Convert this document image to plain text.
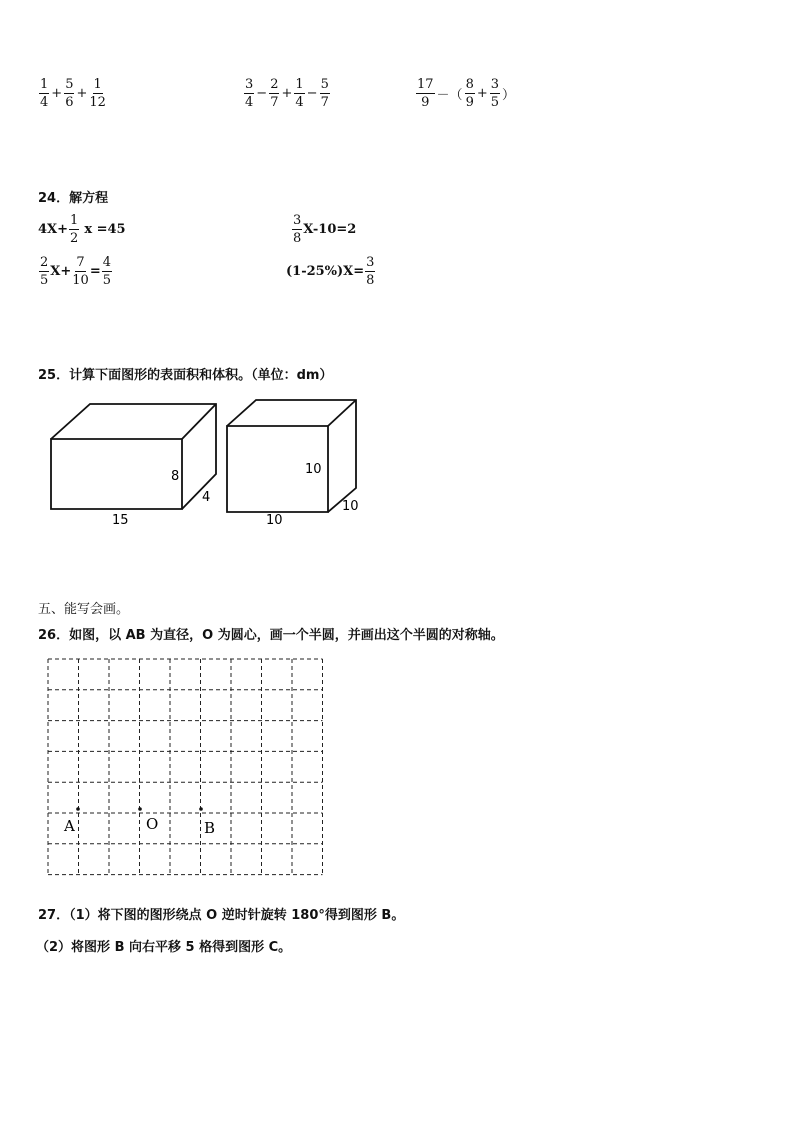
$\frac{1}{4} + \frac{5}{6} + \frac{1}{12}$	$\frac{3}{4} - \frac{2}{7} + \frac{1}{4} - \frac{5}{7}$	$\frac{17}{9}$ －（ $\frac{8}{9} + \frac{3}{5}$ ）
24．解方程
$4X+ \frac{1}{2}$ x =45	$\frac{3}{8} X-10=2$
$\frac{2}{5} X+ \frac{7}{10} = \frac{4}{5}$	$(1-25\%)X= \frac{3}{8}$
25．计算下面图形的表面积和体积。（单位：dm）
8
4
15
10
10
10
五、能写会画。
26．如图，以 AB 为直径，O 为圆心，画一个半圆，并画出这个半圆的对称轴。
A	O	B
27．（1）将下图的图形绕点 O 逆时针旋转 180°得到图形 B。
（2）将图形 B 向右平移 5 格得到图形 C。
